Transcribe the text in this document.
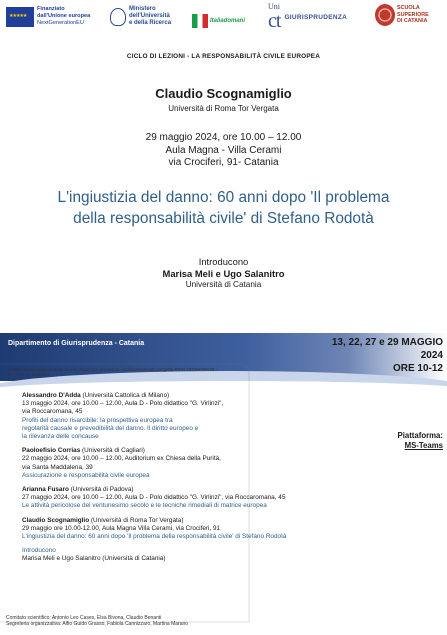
★★★★★
Finanziato
dall'Unione europea
NextGenerationEU
Ministero
dell'Università
e della Ricerca	Italiadomani
Uni
ct GIURISPRUDENZA
SCUOLA
SUPERIORE
DI CATANIA
CICLO DI LEZIONI - LA RESPONSABILITÀ CIVILE EUROPEA
Claudio Scognamiglio
Università di Roma Tor Vergata
29 maggio 2024, ore 10.00 – 12.00
Aula Magna - Villa Cerami
via Crociferi, 91- Catania
L'ingiustizia del danno: 60 anni dopo 'Il problema
della responsabilità civile' di Stefano Rodotà
Introducono
Marisa Meli e Ugo Salanitro
Università di Catania
Dipartimento di Giurisprudenza - Catania	13, 22, 27 e 29 MAGGIO
2024
ORE 10-12
Piattaforma:
MS-Teams
Lezioni del programma della Scuola Superiore di Catania - Cofinanziamento progetto PRIN 2022WYMY28 –
P.I. Prof. U. Salanitro
Alessandro D'Adda (Università Cattolica di Milano)
13 maggio 2024, ore 10.00 – 12.00, Aula D - Polo didattico "G. Virlinzi",
via Roccaromana, 45
Profili del danno risarcibile: la prospettiva europea tra
regolarità causale e prevedibilità del danno. Il diritto europeo e
la rilevanza delle concause
Paoloefisio Corrias (Università di Cagliari)
22 maggio 2024, ore 10.00 – 12.00, Auditorium ex Chiesa della Purità,
via Santa Maddalena, 39
Assicurazione e responsabilità civile europea
Arianna Fusaro (Università di Padova)
27 maggio 2024, ore 10.00 – 12.00, Aula D - Polo didattico "G. Virlinzi", via Roccaromana, 45
Le attività pericolose del ventunesimo secolo e le tecniche rimediali di matrice europea
Claudio Scognamiglio (Università di Roma Tor Vergata)
29 maggio ore 10.00-12.00, Aula Magna Villa Cerami, via Crociferi, 91
L'ingiustizia del danno: 60 anni dopo 'Il problema della responsabilità civile' di Stefano Rodotà
Introducono
Marisa Meli e Ugo Salanitro (Università di Catania)
Comitato scientifico: Antonio Leo Cases, Elsa Bivona, Claudio Benanti
Segreteria organizzativa: Alfio Guido Grasso, Fabiola Cannizzaro, Martina Marano
